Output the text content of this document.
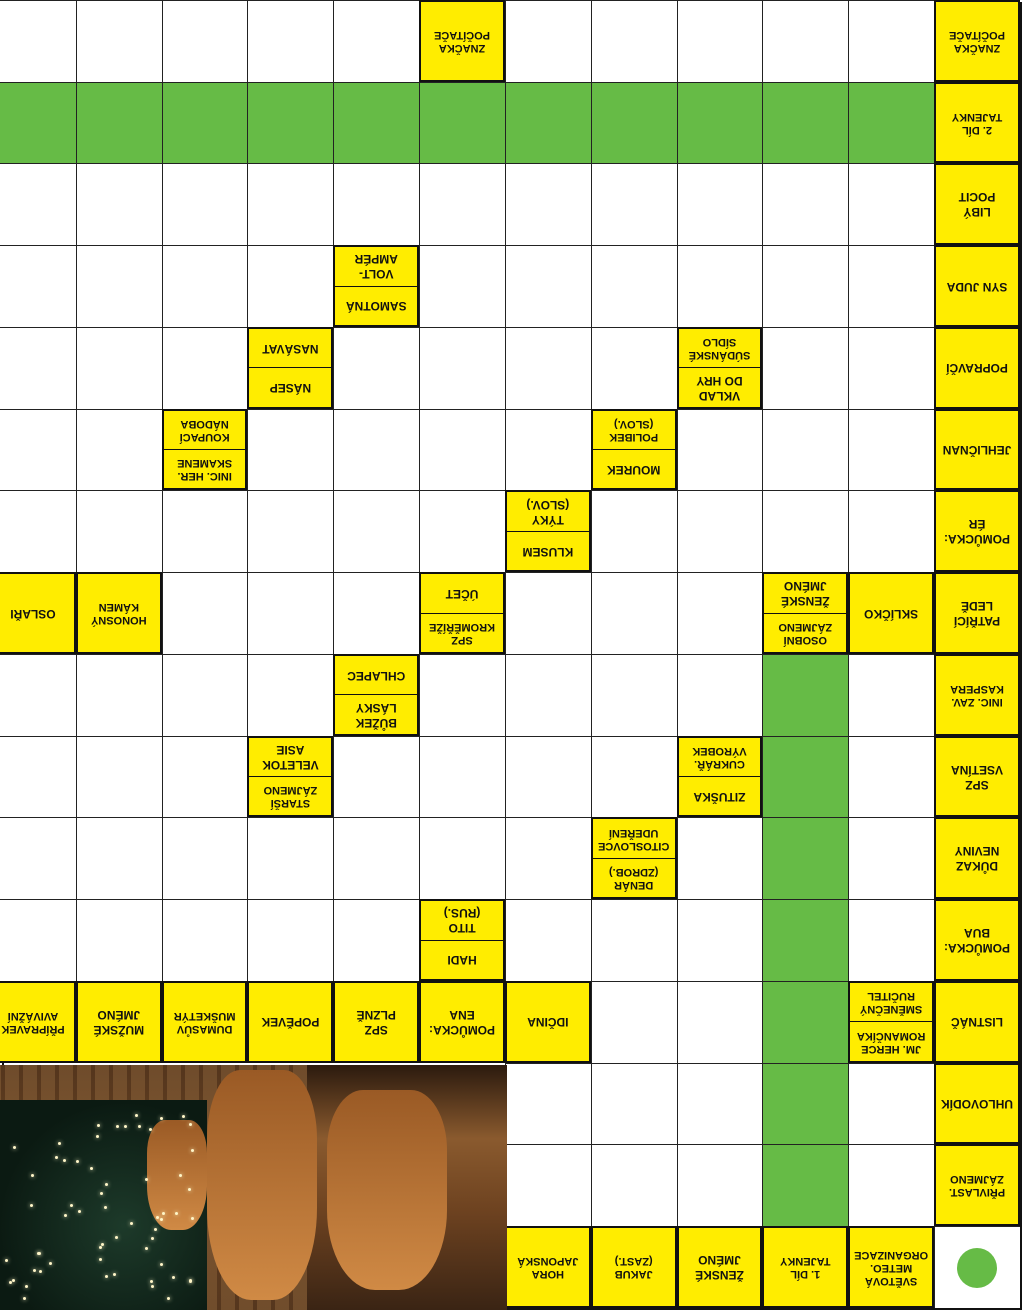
SVĚTOVÁ
METEO.
ORGANIZACE
1. DÍL
TAJENKY
ŽENSKÉ
JMÉNO
JAKUB
(ZAST.)
HORA
JAPONSKÁ
PŘIVLAST.
ZÁJMENO
UHLOVODÍK
LISTNÁČ
JM. HERCE
ROMANČÍKA
SMĚNEČNÝ
RUČITEL
IDČINA
POMŮCKA:
ENA
SPZ
PLZNĚ
POPĚVEK
DUMASŮV
MUŠKETÝR
MUŽSKÉ
JMÉNO
PŘÍPRAVEK
AVIVÁŽNÍ
POMŮCKA:
BUA
HADI
TITO
(RUS.)
DŮKAZ
NEVINY
DENÁR
(ZDROB.)
CITOSLOVCE
UDEŘENÍ
SPZ
VSETÍNA
ZITUŠKA
CUKRÁŘ.
VÝROBEK
STARŠÍ
ZÁJMENO
VELETOK
ASIE
INIC. ZAV.
KASPERA
BŮŽEK
LÁSKY
CHLAPEC
PATŘÍCÍ
LEDĚ
SKLÍČKO
OSOBNÍ
ZÁJMENO
ŽENSKÉ
JMÉNO
SPZ
KROMĚŘÍŽE
ÚČET
HONOSNÝ
KÁMEN
OSLAŘI
POMŮCKA:
ÉR
KLUSEM
TÝKY
(SLOV.)
JEHLIČNAN
MOUREK
POLIBEK
(SLOV.)
INIC. HER.
SKAMENE
KOUPACÍ
NÁDOBA
POPRAVČÍ
VKLAD
DO HRY
SÚDÁNSKÉ
SÍDLO
NÁSEP
NASÁVAT
SYN JUDA
SAMOTNÁ
VOLT-
AMPÉR
LIBÝ
POCIT
2. DÍL
TAJENKY
ZNAČKA
POČÍTAČE
ZNAČKA
POČÍTAČE
